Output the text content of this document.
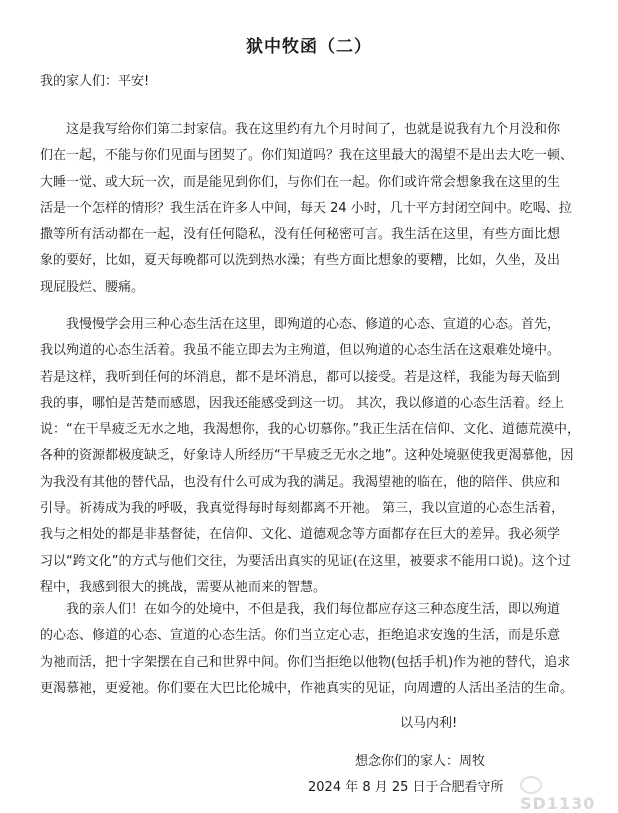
狱中牧函（二）
我的家人们：平安!
这是我写给你们第二封家信。我在这里约有九个月时间了，也就是说我有九个月没和你
们在一起，不能与你们见面与团契了。你们知道吗？我在这里最大的渴望不是出去大吃一顿、
大睡一觉、或大玩一次，而是能见到你们，与你们在一起。你们或许常会想象我在这里的生
活是一个怎样的情形？我生活在许多人中间，每天 24 小时，几十平方封闭空间中。吃喝、拉
撒等所有活动都在一起，没有任何隐私，没有任何秘密可言。我生活在这里，有些方面比想
象的要好，比如，夏天每晚都可以洗到热水澡；有些方面比想象的要糟，比如，久坐，及出
现屁股烂、腰痛。
我慢慢学会用三种心态生活在这里，即殉道的心态、修道的心态、宣道的心态。首先，
我以殉道的心态生活着。我虽不能立即去为主殉道，但以殉道的心态生活在这艰难处境中。
若是这样，我听到任何的坏消息，都不是坏消息，都可以接受。若是这样，我能为每天临到
我的事，哪怕是苦楚而感恩，因我还能感受到这一切。 其次，我以修道的心态生活着。经上
说：“在干旱疲乏无水之地，我渴想你，我的心切慕你。”我正生活在信仰、文化、道德荒漠中，
各种的资源都极度缺乏，好象诗人所经历“干旱疲乏无水之地”。这种处境驱使我更渴慕他，因
为我没有其他的替代品，也没有什么可成为我的满足。我渴望祂的临在，他的陪伴、供应和
引导。祈祷成为我的呼吸，我真觉得每时每刻都离不开祂。 第三，我以宣道的心态生活着，
我与之相处的都是非基督徒，在信仰、文化、道德观念等方面都存在巨大的差异。我必须学
习以“跨文化”的方式与他们交往，为要活出真实的见证(在这里，被要求不能用口说)。这个过
程中，我感到很大的挑战，需要从祂而来的智慧。
我的亲人们！在如今的处境中，不但是我，我们每位都应存这三种态度生活，即以殉道
的心态、修道的心态、宣道的心态生活。你们当立定心志，拒绝追求安逸的生活，而是乐意
为祂而活，把十字架摆在自己和世界中间。你们当拒绝以他物(包括手机)作为祂的替代，追求
更渴慕祂，更爱祂。你们要在大巴比伦城中，作祂真实的见证，向周遭的人活出圣洁的生命。
以马内利!
想念你们的家人：周牧
2024 年 8 月 25 日于合肥看守所
SD1130
